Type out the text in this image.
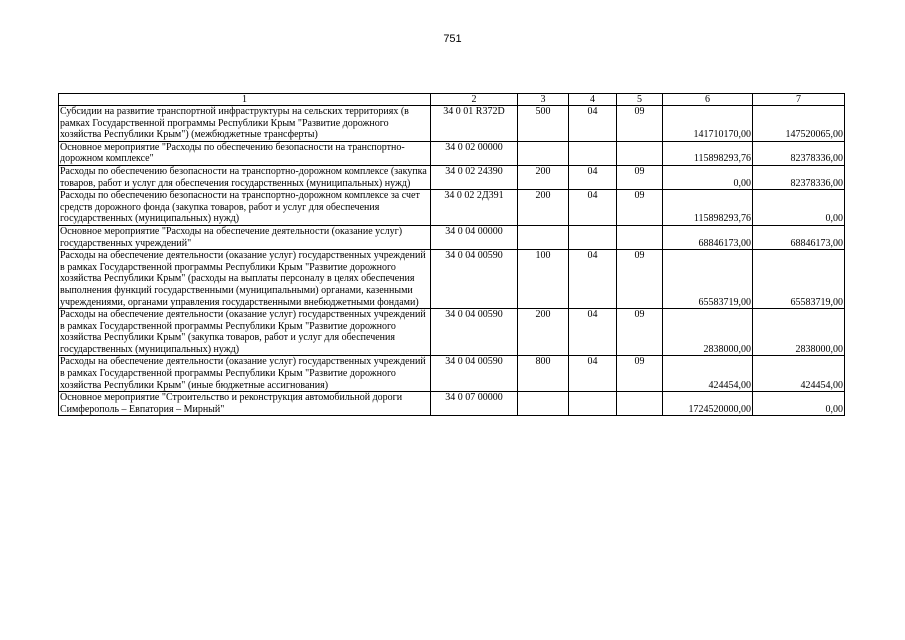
751
1	2	3	4	5	6	7
Субсидии на развитие транспортной инфраструктуры на сельских территориях (в рамках Государственной программы Республики Крым "Развитие дорожного хозяйства Республики Крым") (межбюджетные трансферты)	34 0 01 R372D	500	04	09	141710170,00	147520065,00
Основное мероприятие "Расходы по обеспечению безопасности на транспортно-дорожном комплексе"	34 0 02 00000				115898293,76	82378336,00
Расходы по обеспечению безопасности на транспортно-дорожном комплексе (закупка товаров, работ и услуг для обеспечения государственных (муниципальных) нужд)	34 0 02 24390	200	04	09	0,00	82378336,00
Расходы по обеспечению безопасности на транспортно-дорожном комплексе за счет средств дорожного фонда (закупка товаров, работ и услуг для обеспечения государственных (муниципальных) нужд)	34 0 02 2Д391	200	04	09	115898293,76	0,00
Основное мероприятие "Расходы на обеспечение деятельности (оказание услуг) государственных учреждений"	34 0 04 00000				68846173,00	68846173,00
Расходы на обеспечение деятельности (оказание услуг) государственных учреждений в рамках Государственной программы Республики Крым "Развитие дорожного хозяйства Республики Крым" (расходы на выплаты персоналу в целях обеспечения выполнения функций государственными (муниципальными) органами, казенными учреждениями, органами управления государственными внебюджетными фондами)	34 0 04 00590	100	04	09	65583719,00	65583719,00
Расходы на обеспечение деятельности (оказание услуг) государственных учреждений в рамках Государственной программы Республики Крым "Развитие дорожного хозяйства Республики Крым" (закупка товаров, работ и услуг для обеспечения государственных (муниципальных) нужд)	34 0 04 00590	200	04	09	2838000,00	2838000,00
Расходы на обеспечение деятельности (оказание услуг) государственных учреждений в рамках Государственной программы Республики Крым "Развитие дорожного хозяйства Республики Крым" (иные бюджетные ассигнования)	34 0 04 00590	800	04	09	424454,00	424454,00
Основное мероприятие "Строительство и реконструкция автомобильной дороги Симферополь – Евпатория – Мирный"	34 0 07 00000				1724520000,00	0,00
